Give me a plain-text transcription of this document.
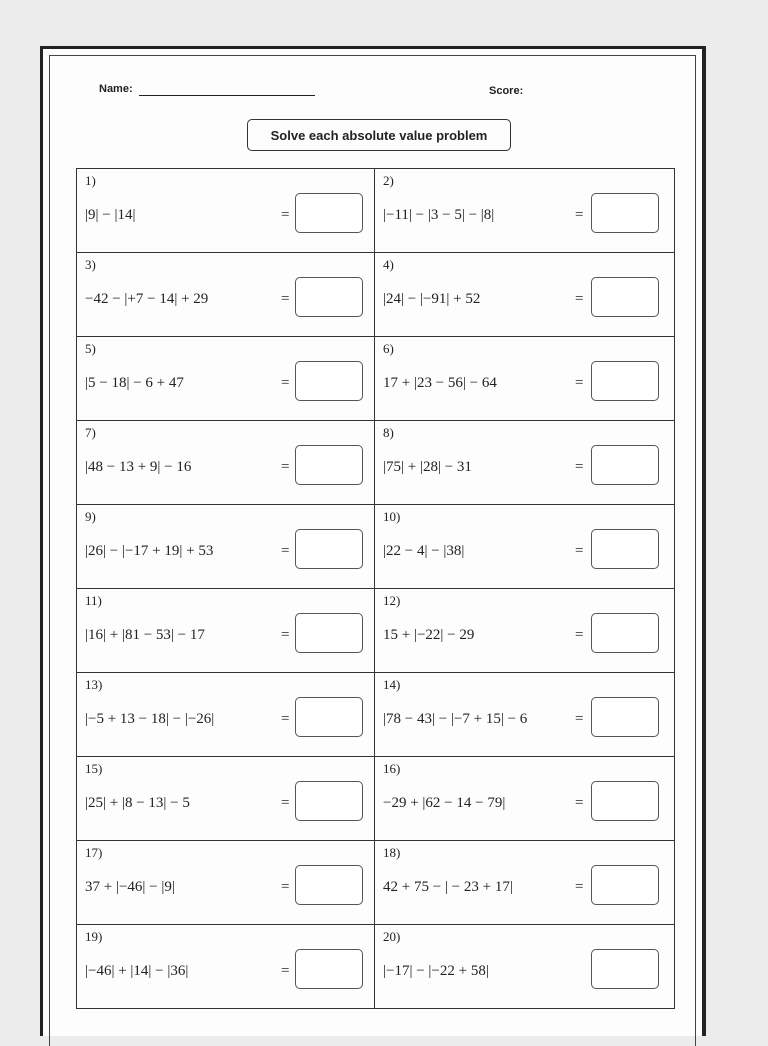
Name:	Score:
Solve each absolute value problem
1)
|9| − |14|	=
2)
|−11| − |3 − 5| − |8|	=
3)
−42 − |+7 − 14| + 29	=
4)
|24| − |−91| + 52	=
5)
|5 − 18| − 6 + 47	=
6)
17 + |23 − 56| − 64	=
7)
|48 − 13 + 9| − 16	=
8)
|75| + |28| − 31	=
9)
|26| − |−17 + 19| + 53	=
10)
|22 − 4| − |38|	=
11)
|16| + |81 − 53| − 17	=
12)
15 + |−22| − 29	=
13)
|−5 + 13 − 18| − |−26|	=
14)
|78 − 43| − |−7 + 15| − 6	=
15)
|25| + |8 − 13| − 5	=
16)
−29 + |62 − 14 − 79|	=
17)
37 + |−46| − |9|	=
18)
42 + 75 − | − 23 + 17|	=
19)
|−46| + |14| − |36|	=
20)
|−17| − |−22 + 58|
